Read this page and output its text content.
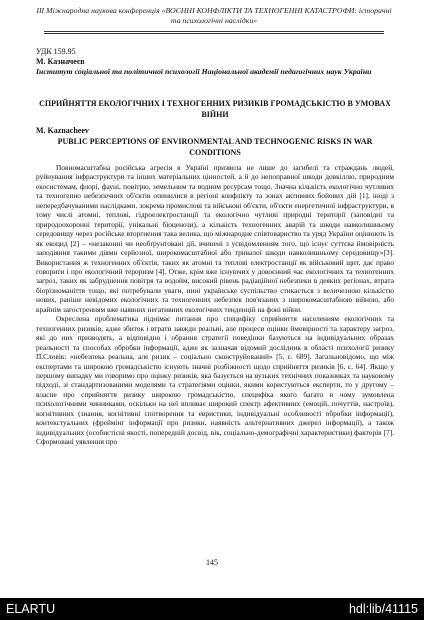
III Міжнародна наукова конференція «ВОЄННІ КОНФЛІКТИ ТА ТЕХНОГЕННІ КАТАСТРОФИ: історичні та психологічні наслідки»
УДК 159.95
М. Казначеєв
Інститут соціальної та політичної психології Національної академії педагогічних наук України
СПРИЙНЯТТЯ ЕКОЛОГІЧНИХ І ТЕХНОГЕННИХ РИЗИКІВ ГРОМАДСЬКІСТЮ В УМОВАХ ВІЙНИ
M. Kaznacheev
PUBLIC PERCEPTIONS OF ENVIRONMENTAL AND TECHNOGENIC RISKS IN WAR CONDITIONS

Повномасштабна російська агресія в Україні призвела не лише до загибелі та страждань людей, руйнування інфраструктури та інших матеріальних цінностей, а й до непоправної шкоди довкіллю, природним екосистемам, флорі, фауні, повітрю, земельним та водним ресурсам тощо. Значна кількість екологічно чутливих та техногенно небезпечних об'єктів опинилися в регіоні конфлікту та зонах активних бойових дій [1], іноді з непередбачуваними наслідками, зокрема промислові та військові об'єкти, об'єкти енергетичної інфраструктури, в тому числі атомні, теплові, гідроелектростанції та екологічно чутливі природні території (заповідні та природоохоронні території, унікальні біоценози), а кількість техногенних аварій та шкоди навколишньому середовищу через російське вторгнення така велика, що міжнародне співтовариство та уряд України оцінюють їх як екоцид [2] – «незаконні чи необґрунтовані дії, вчинені з усвідомленням того, що існує суттєва ймовірність заподіяння такими діями серйозної, широкомасштабної або тривалої шкоди навколишньому середовищу»[3]. Використання ж техногенних об'єктів, таких як атомні та теплові електростанції як військовий щит, дає право говорити і про екологічний тероризм [4]. Отже, крім вже існуючих у довоєнний час екологічних та техногенних загроз, таких як забруднення повітря та водойм, високий рівень радіаційної небезпеки в деяких регіонах, втрата біорізноманіття тощо, які потребували уваги, нині українське суспільство стикається з величезною кількістю нових, раніше невідомих екологічних та техногенних небезпек пов'язаних з широкомасштабною війною, або крайнім загостренням вже наявних негативних екологічних тенденцій на фоні війни.

Окреслена проблематика піднімає питання про специфіку сприйняття населенням екологічних та техногенних ризиків, адже збиток і втрати завжди реальні, але процеси оцінки ймовірності та характеру загроз, які до них призводять, а відповідно і обрання стратегії поведінки базуються на індивідуальних образах реальності та способах обробки інформації, адже як зазначав відомий дослідник в області психології ризику П.Словік: «небезпека реальна, але ризик – соціально сконструйований» [5, с. 689]. Загальновідомо, що між експертами та широкою громадськістю існують значні розбіжності щодо сприйняття ризиків [6, с. 64]. Якщо у першому випадку ми говоримо про оцінку ризиків, яка базується на вузьких технічних показниках та науковому підході, зі стандартизованими моделями та стратегіями оцінки, якими користуються експерти, то у другому – власне про сприйняття ризику широкою громадськістю, специфіка якого багато в чому зумовлена психологічними чинниками, оскільки на неї впливає широкий спектр афективних (емоцій, почуттів, настроїв), когнітивних (знання, когнітивні спотворення та евристики, індивідуальні особливості обробки інформації), контекстуальних (фреймінг інформації про ризики, наявність альтернативних джерел інформації), а також індивідуальних (особистісні якості, попередній досвід, вік, соціально-демографічні характеристики) факторів [7]. Сформовані уявлення про

145
ELARTU	hdl:lib/41115
